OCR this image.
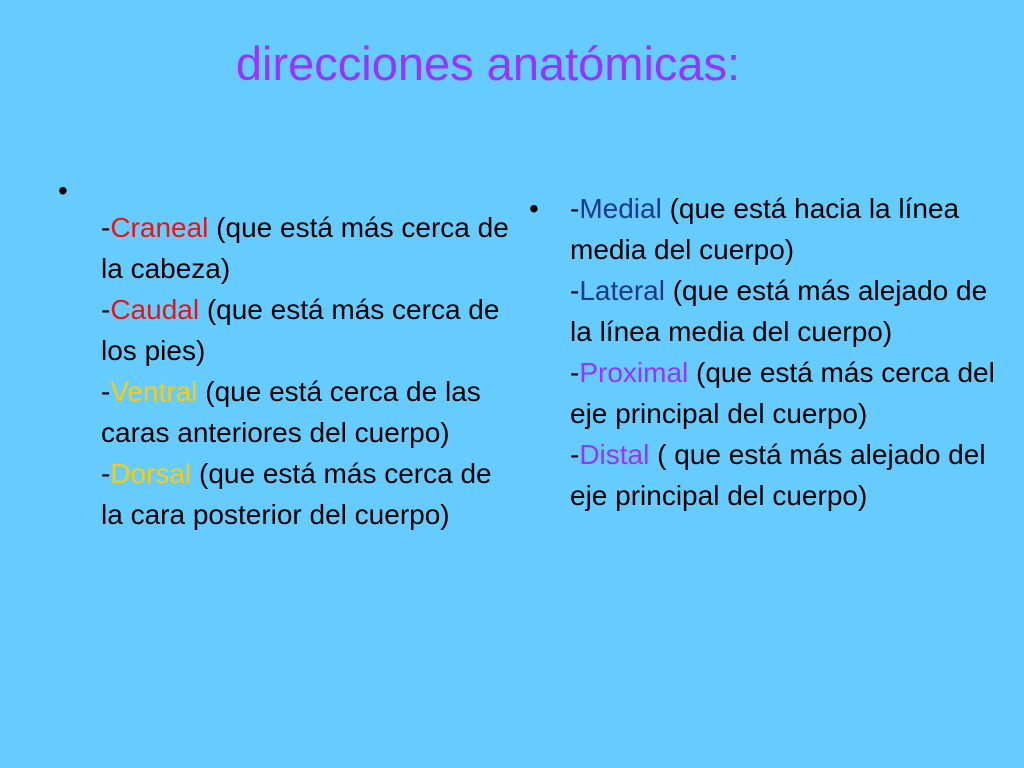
direcciones anatómicas:
•
-Craneal (que está más cerca de la cabeza)
-Caudal (que está más cerca de los pies)
-Ventral (que está cerca de las caras anteriores del cuerpo)
-Dorsal (que está más cerca de la cara posterior del cuerpo)
• -Medial (que está hacia la línea media del cuerpo)
-Lateral (que está más alejado de la línea media del cuerpo)
-Proximal (que está más cerca del eje principal del cuerpo)
-Distal ( que está más alejado del eje principal del cuerpo)
